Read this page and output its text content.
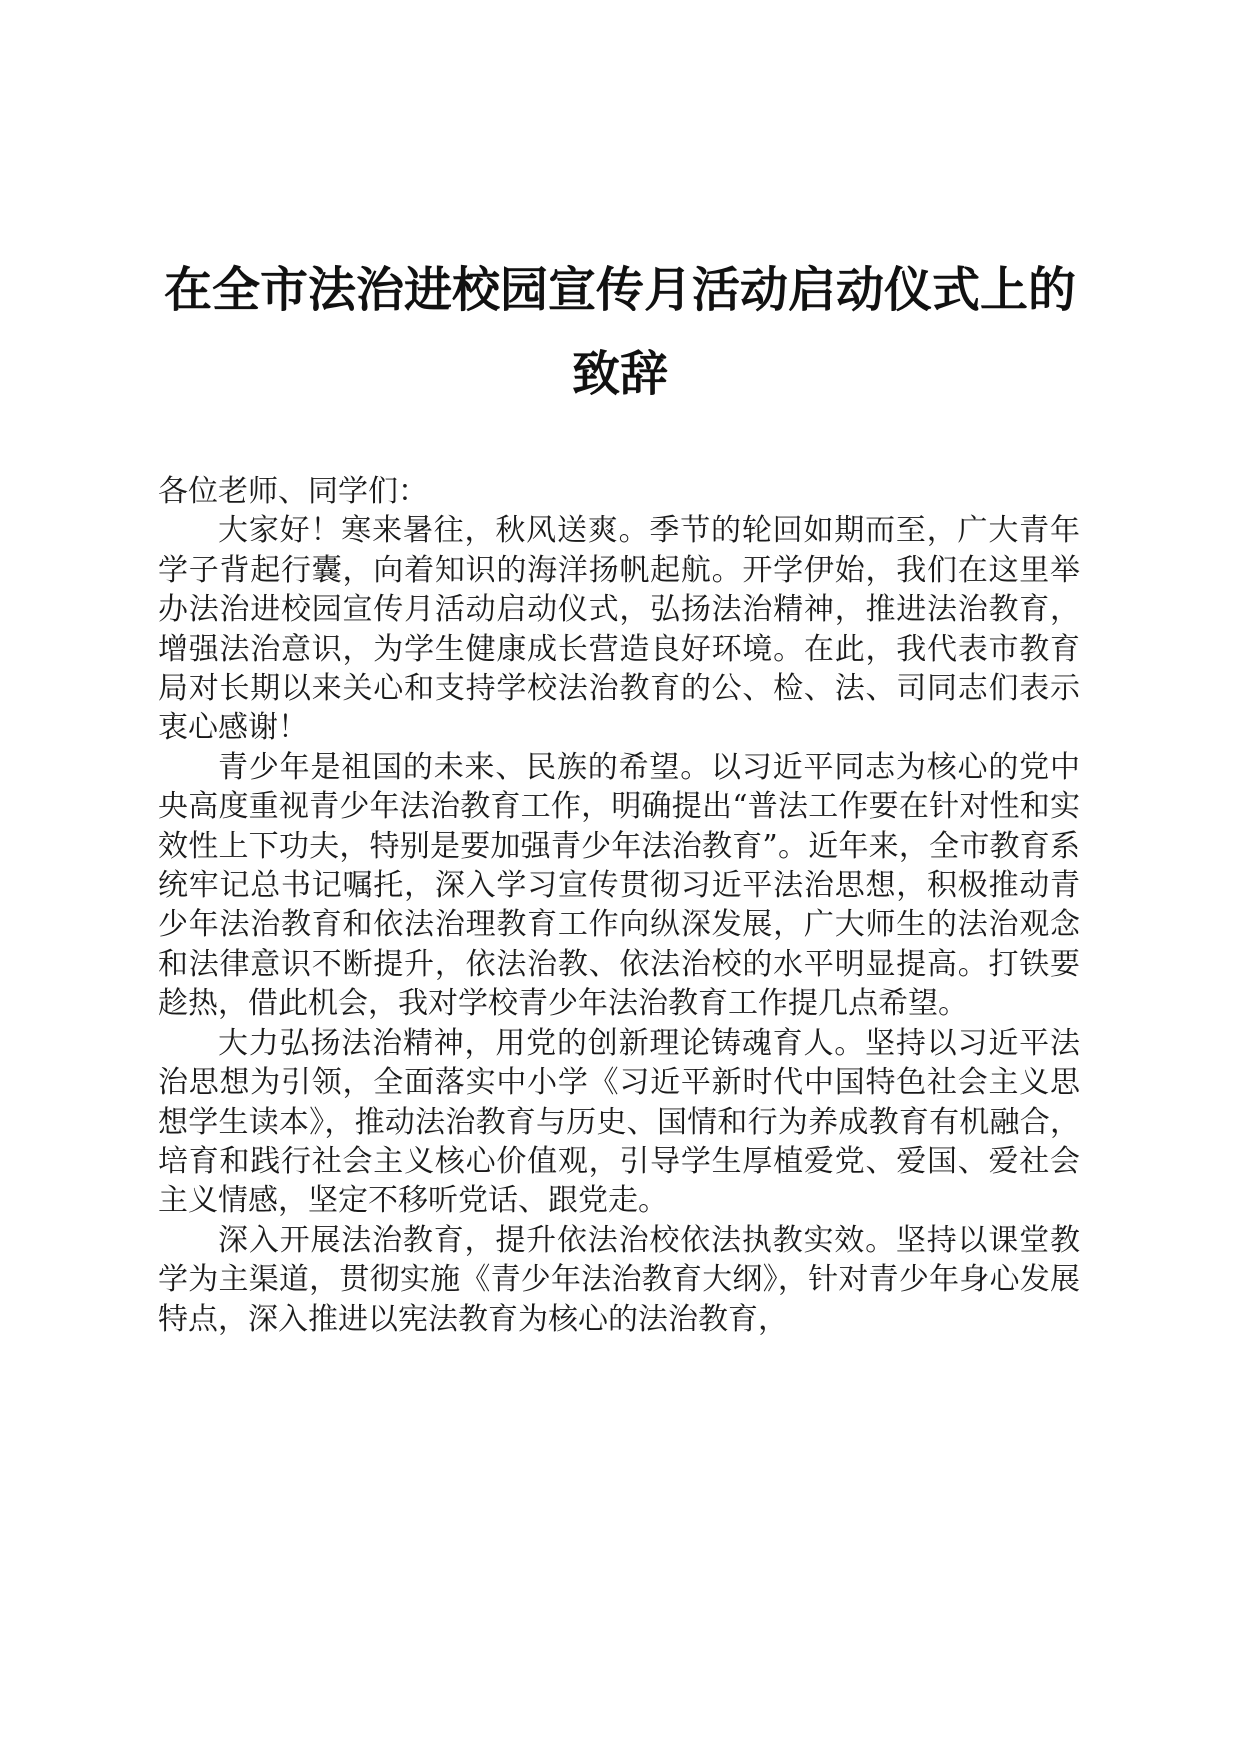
在全市法治进校园宣传月活动启动仪式上的致辞

各位老师、同学们：

大家好！寒来暑往，秋风送爽。季节的轮回如期而至，广大青年学子背起行囊，向着知识的海洋扬帆起航。开学伊始，我们在这里举办法治进校园宣传月活动启动仪式，弘扬法治精神，推进法治教育，增强法治意识，为学生健康成长营造良好环境。在此，我代表市教育局对长期以来关心和支持学校法治教育的公、检、法、司同志们表示衷心感谢！

青少年是祖国的未来、民族的希望。以习近平同志为核心的党中央高度重视青少年法治教育工作，明确提出“普法工作要在针对性和实效性上下功夫，特别是要加强青少年法治教育”。近年来，全市教育系统牢记总书记嘱托，深入学习宣传贯彻习近平法治思想，积极推动青少年法治教育和依法治理教育工作向纵深发展，广大师生的法治观念和法律意识不断提升，依法治教、依法治校的水平明显提高。打铁要趁热，借此机会，我对学校青少年法治教育工作提几点希望。

大力弘扬法治精神，用党的创新理论铸魂育人。坚持以习近平法治思想为引领，全面落实中小学《习近平新时代中国特色社会主义思想学生读本》，推动法治教育与历史、国情和行为养成教育有机融合，培育和践行社会主义核心价值观，引导学生厚植爱党、爱国、爱社会主义情感，坚定不移听党话、跟党走。

深入开展法治教育，提升依法治校依法执教实效。坚持以课堂教学为主渠道，贯彻实施《青少年法治教育大纲》，针对青少年身心发展特点，深入推进以宪法教育为核心的法治教育，
